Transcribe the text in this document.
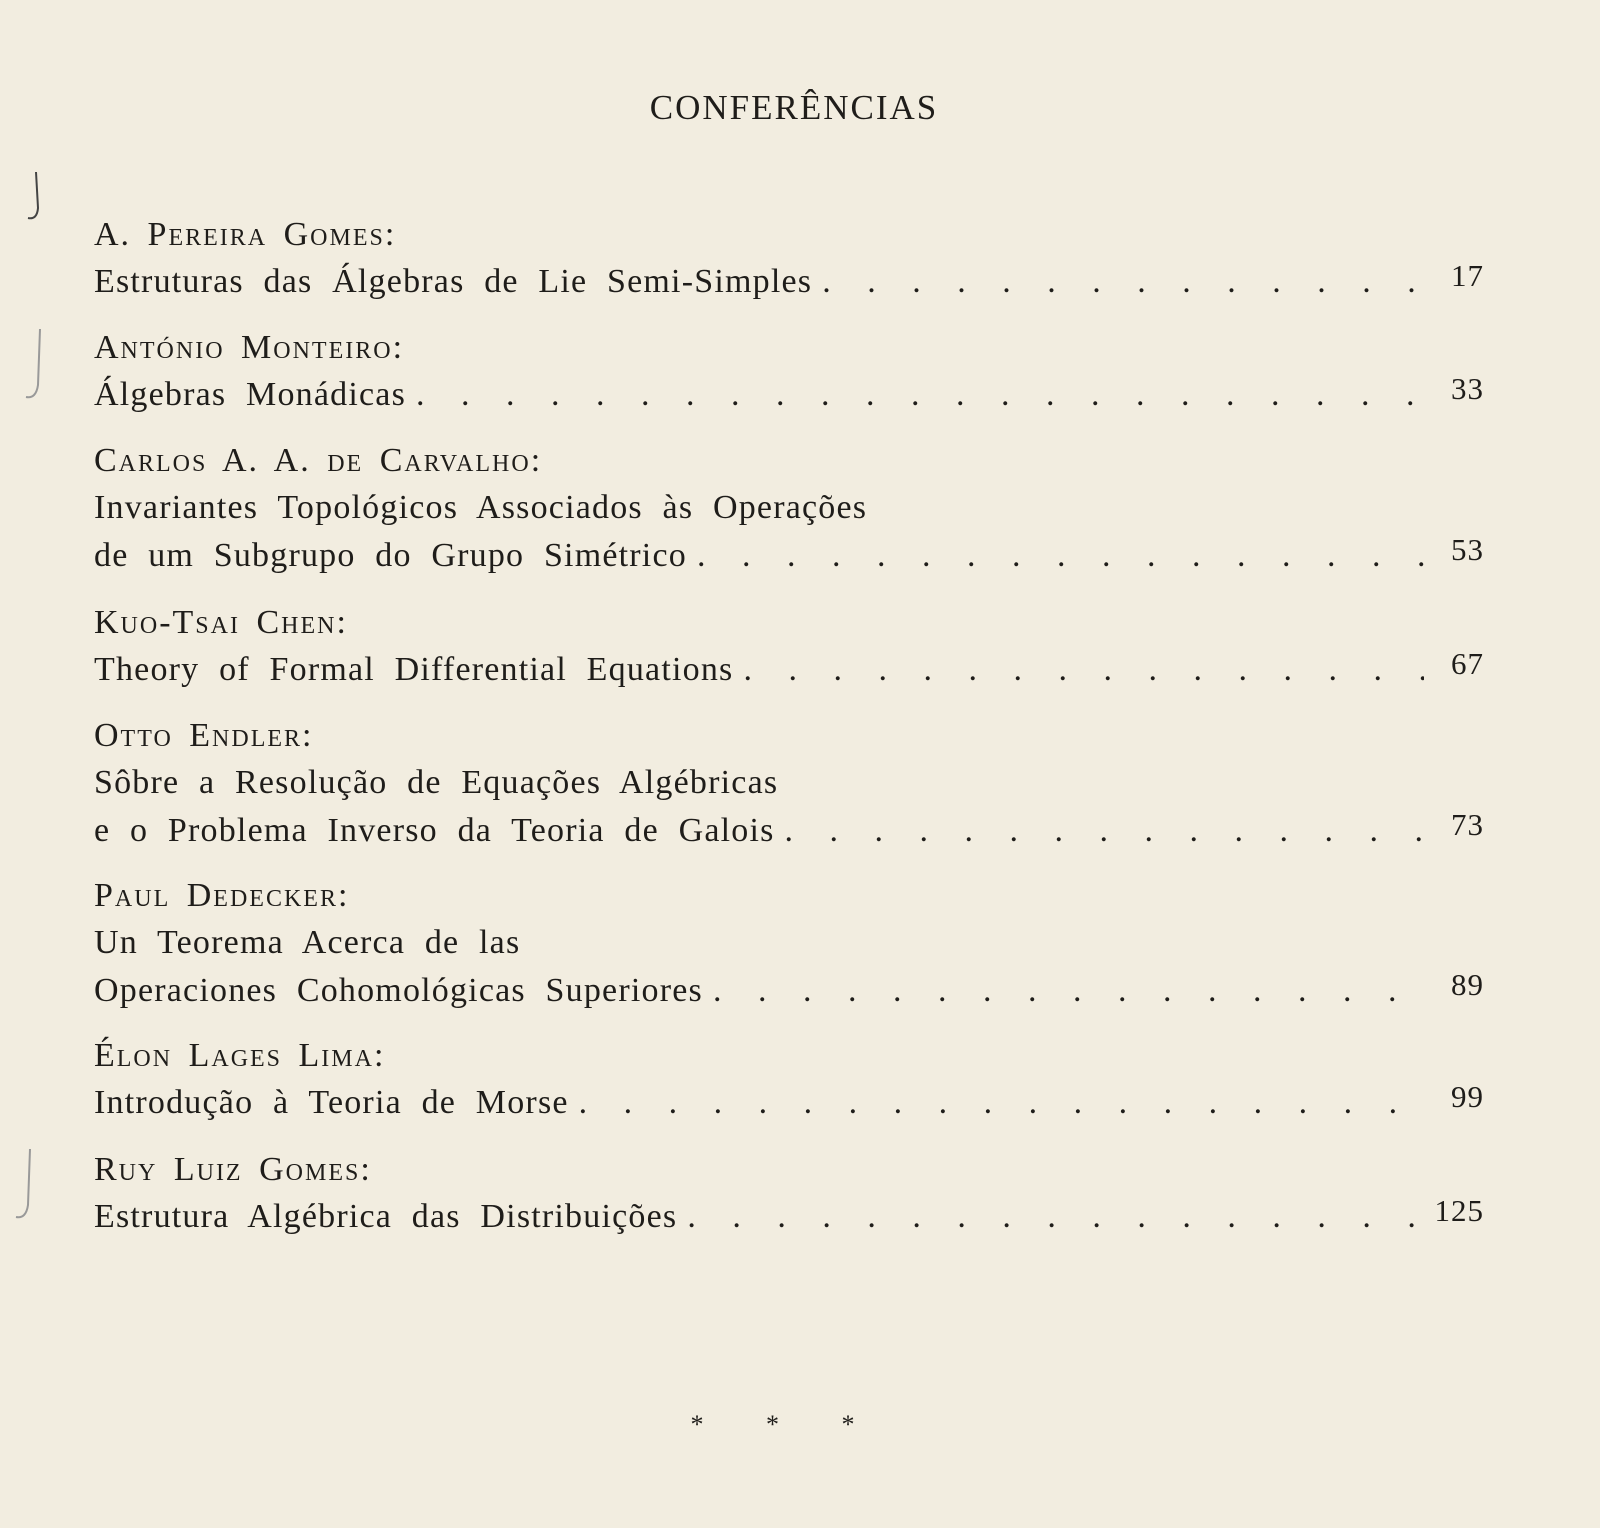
CONFERÊNCIAS
A. Pereira Gomes:
Estruturas das Álgebras de Lie Semi-Simples . . .	17
António Monteiro:
Álgebras Monádicas . . .	33
Carlos A. A. de Carvalho:
Invariantes Topológicos Associados às Operações
de um Subgrupo do Grupo Simétrico . . .	53
Kuo-Tsai Chen:
Theory of Formal Differential Equations . . .	67
Otto Endler:
Sôbre a Resolução de Equações Algébricas
e o Problema Inverso da Teoria de Galois . . .	73
Paul Dedecker:
Un Teorema Acerca de las
Operaciones Cohomológicas Superiores . . .	89
Élon Lages Lima:
Introdução à Teoria de Morse . . .	99
Ruy Luiz Gomes:
Estrutura Algébrica das Distribuições . . .	125
* * *
